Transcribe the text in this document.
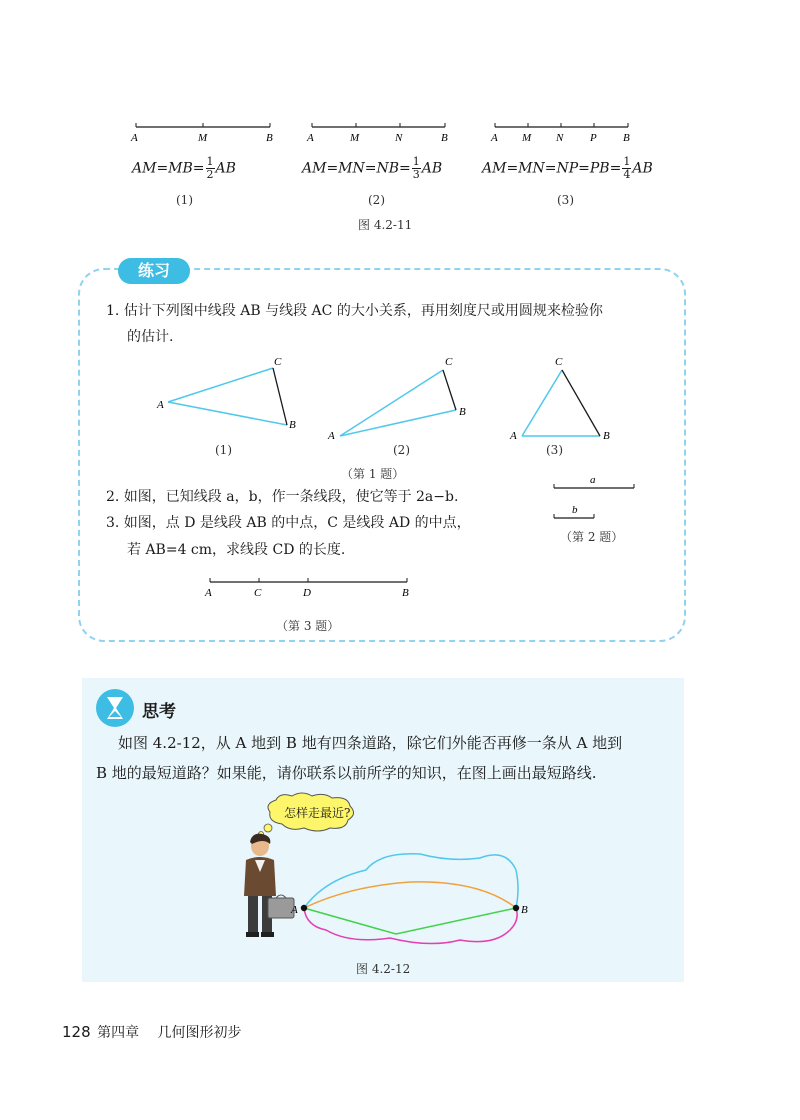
A	M	B	A	M	N	B	A M N P B
$AM=MB= \frac{1}{2}$ AB	$AM=MN=NB= \frac{1}{3}$ AB	$AM=MN=NP=PB= \frac{1}{4}$ AB
(1)	(2)	(3)
图 4.2-11
练习
1. 估计下列图中线段 AB 与线段 AC 的大小关系，再用刻度尺或用圆规来检验你
的估计.
A
B
C
A
B
C
A	B
C
(1)	(2)	(3)
（第 1 题）
2. 如图，已知线段 a，b，作一条线段，使它等于 2a−b.
3. 如图，点 D 是线段 AB 的中点，C 是线段 AD 的中点，
若 AB=4 cm，求线段 CD 的长度.
a
b
（第 2 题）
A	C	D	B
（第 3 题）
思考
如图 4.2-12，从 A 地到 B 地有四条道路，除它们外能否再修一条从 A 地到
B 地的最短道路？如果能，请你联系以前所学的知识，在图上画出最短路线.
怎样走最近?
A	B
图 4.2-12
128 第四章 几何图形初步
